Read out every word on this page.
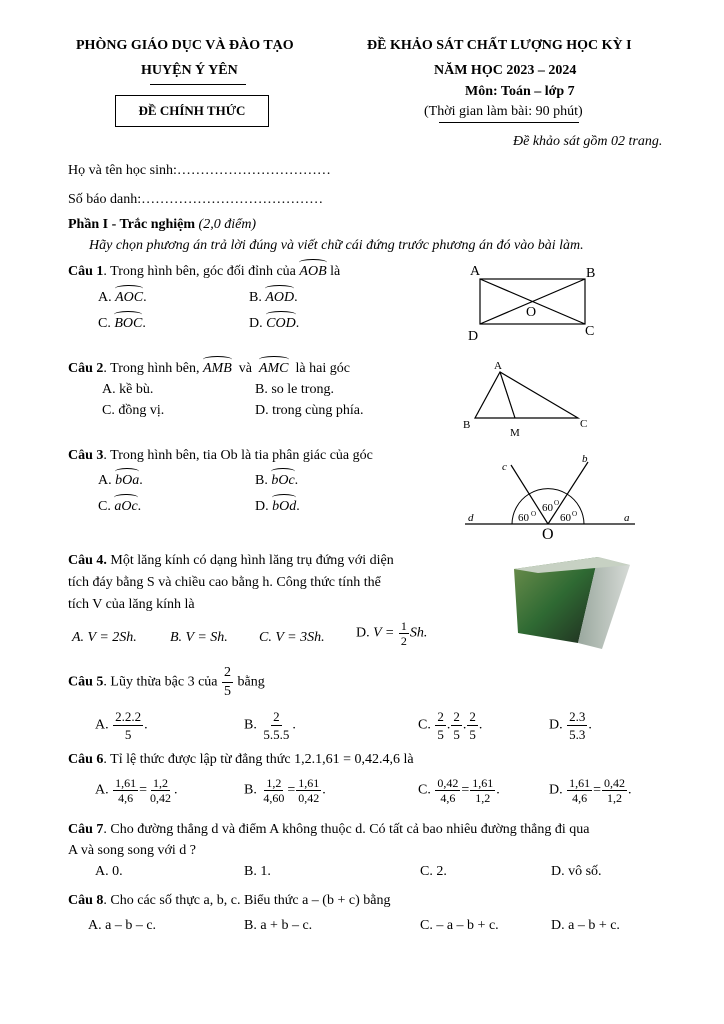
PHÒNG GIÁO DỤC VÀ ĐÀO TẠO
HUYỆN Ý YÊN
ĐỀ CHÍNH THỨC
ĐỀ KHẢO SÁT CHẤT LƯỢNG HỌC KỲ I
NĂM HỌC 2023 – 2024
Môn: Toán – lớp 7
(Thời gian làm bài: 90 phút)
Đề khảo sát gồm 02 trang.
Họ và tên học sinh:……………………………
Số báo danh:…………………………………
Phần I - Trắc nghiệm (2,0 điểm)
Hãy chọn phương án trả lời đúng và viết chữ cái đứng trước phương án đó vào bài làm.
Câu 1. Trong hình bên, góc đối đỉnh của AOB là
A. AOC.	B. AOD.
C. BOC.	D. COD.
A	B
O
D	C
Câu 2. Trong hình bên, AMB và AMC là hai góc
A. kề bù.	B. so le trong.
C. đồng vị.	D. trong cùng phía.
A
B
M
C
Câu 3. Trong hình bên, tia Ob là tia phân giác của góc
A. bOa.	B. bOc.
C. aOc.	D. bOd.
c
b
d	a
O
60 O 60 O
60 O
Câu 4. Một lăng kính có dạng hình lăng trụ đứng với diện
tích đáy bằng S và chiều cao bằng h. Công thức tính thể
tích V của lăng kính là
A. V = 2Sh. B. V = Sh. C. V = 3Sh. D. $V = \frac{1}{2} Sh$.
Câu 5. Lũy thừa bậc 3 của $\frac{2}{5}$ bằng
A. $\frac{2.2.2}{5}$ .	B. $\frac{2}{5.5.5}$ .	C. $\frac{2}{5}$ . $\frac{2}{5}$ . $\frac{2}{5}$ .	D. $\frac{2.3}{5.3}$ .
Câu 6. Tỉ lệ thức được lập từ đẳng thức 1,2.1,61 = 0,42.4,6 là
A. $\frac{1,61}{4,6} = \frac{1,2}{0,42}$ .	B. $\frac{1,2}{4,60} = \frac{1,61}{0,42}$ .	C. $\frac{0,42}{4,6} = \frac{1,61}{1,2}$ .	D. $\frac{1,61}{4,6} = \frac{0,42}{1,2}$ .
Câu 7. Cho đường thẳng d và điểm A không thuộc d. Có tất cả bao nhiêu đường thẳng đi qua
A và song song với d ?
A. 0.	B. 1.	C. 2.	D. vô số.
Câu 8. Cho các số thực a, b, c. Biểu thức a – (b + c) bằng
A. a – b – c.	B. a + b – c.	C. – a – b + c.	D. a – b + c.
